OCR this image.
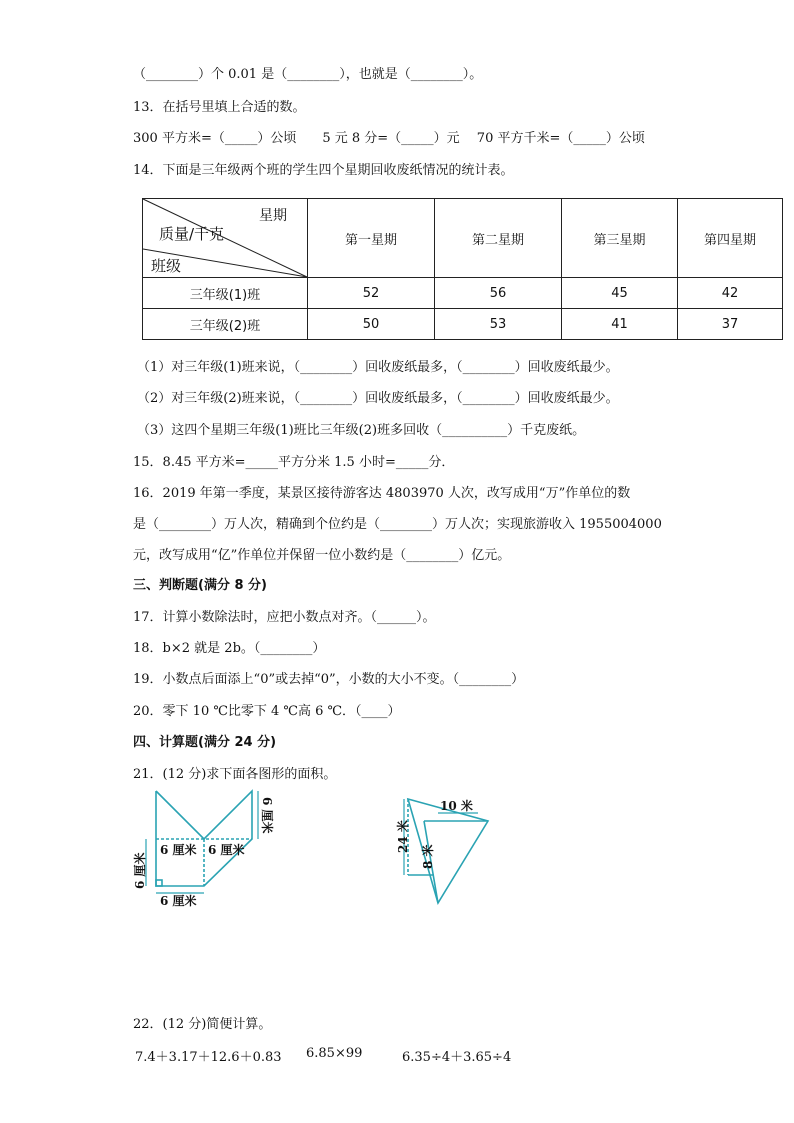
（________）个 0.01 是（________），也就是（________）。
13．在括号里填上合适的数。
300 平方米=（_____）公顷　　5 元 8 分=（_____）元　 70 平方千米=（_____）公顷
14．下面是三年级两个班的学生四个星期回收废纸情况的统计表。
星期
质量/千克
班级	第一星期	第二星期	第三星期	第四星期
三年级(1)班	52	56	45	42
三年级(2)班	50	53	41	37
（1）对三年级(1)班来说，（________）回收废纸最多，（________）回收废纸最少。
（2）对三年级(2)班来说，（________）回收废纸最多，（________）回收废纸最少。
（3）这四个星期三年级(1)班比三年级(2)班多回收（__________）千克废纸。
15．8.45 平方米=_____平方分米 1.5 小时=_____分．
16．2019 年第一季度，某景区接待游客达 4803970 人次，改写成用“万”作单位的数
是（________）万人次，精确到个位约是（________）万人次；实现旅游收入 1955004000
元，改写成用“亿”作单位并保留一位小数约是（________）亿元。
三、判断题(满分 8 分)
17．计算小数除法时，应把小数点对齐。（______）。
18．b×2 就是 2b。（________）
19．小数点后面添上“0”或去掉“0”，小数的大小不变。（________）
20．零下 10 ℃比零下 4 ℃高 6 ℃．（____）
四、计算题(满分 24 分)
21．(12 分)求下面各图形的面积。
6 厘米
6 厘米 6 厘米
6 厘米
6 厘米
10 米
24 米
8 米
22．(12 分)简便计算。
7.4＋3.17＋12.6＋0.83 6.85×99	6.35÷4＋3.65÷4
